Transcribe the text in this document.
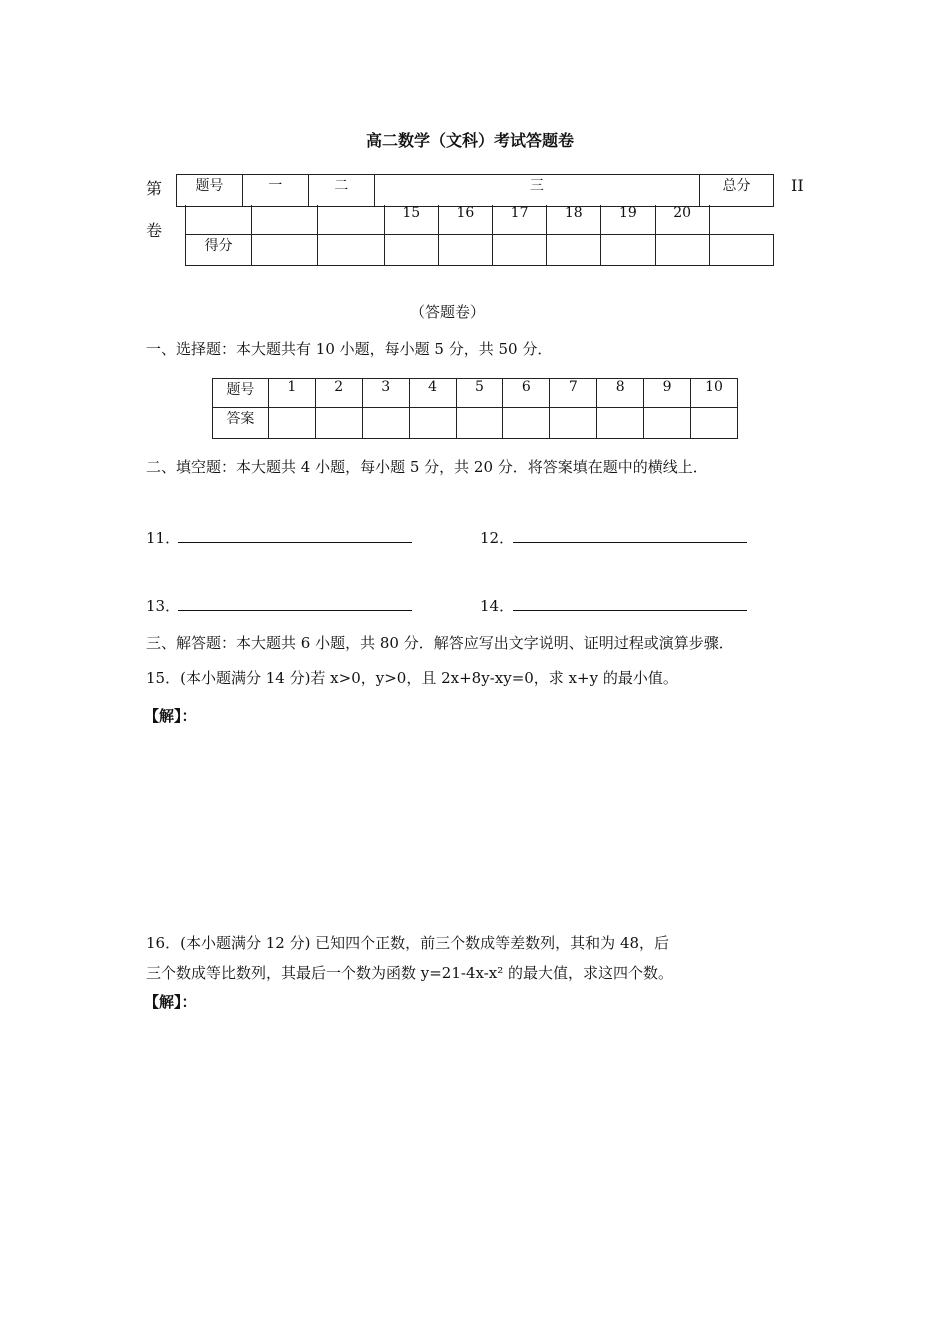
高二数学（文科）考试答题卷
第
卷
II
题号	一	二	三	总分
			15	16	17	18	19	20	
得分									
（答题卷）
一、选择题：本大题共有 10 小题，每小题 5 分，共 50 分．
题号	1	2	3	4	5	6	7	8	9	10
答案										
二、填空题：本大题共 4 小题，每小题 5 分，共 20 分．将答案填在题中的横线上．
11．	12．
13．	14．
三、解答题：本大题共 6 小题，共 80 分．解答应写出文字说明、证明过程或演算步骤．
15．(本小题满分 14 分)若 x>0，y>0，且 2x+8y-xy=0，求 x+y 的最小值。
【解】：
16．(本小题满分 12 分) 已知四个正数，前三个数成等差数列，其和为 48，后
三个数成等比数列，其最后一个数为函数 y=21-4x-x² 的最大值，求这四个数。
【解】：
